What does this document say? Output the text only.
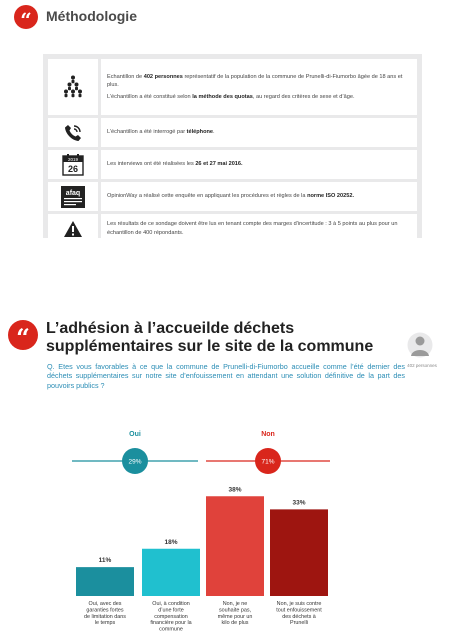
“	Méthodologie

Echantillon de 402 personnes représentatif de la population de la commune de Prunelli-di-Fiumorbo âgée de 18 ans et plus.

L’échantillon a été constitué selon la méthode des quotas, au regard des critères de sexe et d’âge.

L’échantillon a été interrogé par téléphone.

2019
26	Les interviews ont été réalisées les 26 et 27 mai 2016.

afaq	OpinionWay a réalisé cette enquête en appliquant les procédures et règles de la norme ISO 20252.

Les résultats de ce sondage doivent être lus en tenant compte des marges d’incertitude : 3 à 5 points au plus pour un échantillon de 400 répondants.

“	L’adhésion à l’accueilde déchets supplémentaires sur le site de la commune
402 personnes
Q. Etes vous favorables à ce que la commune de Prunelli-di-Fiumorbo accueille comme l’été dernier des déchets supplémentaires sur notre site d’enfouissement en attendant une solution définitive de la part des pouvoirs publics ?
Oui
29%
Non
71%
11%
Oui, avec des
garanties fortes
de limitation dans
le temps
18%
Oui, à condition
d’une forte
compensation
financière pour la
commune
38%
Non, je ne
souhaite pas,
même pour un
kilo de plus
33%
Non, je suis contre
tout enfouissement
des déchets à
Prunelli
